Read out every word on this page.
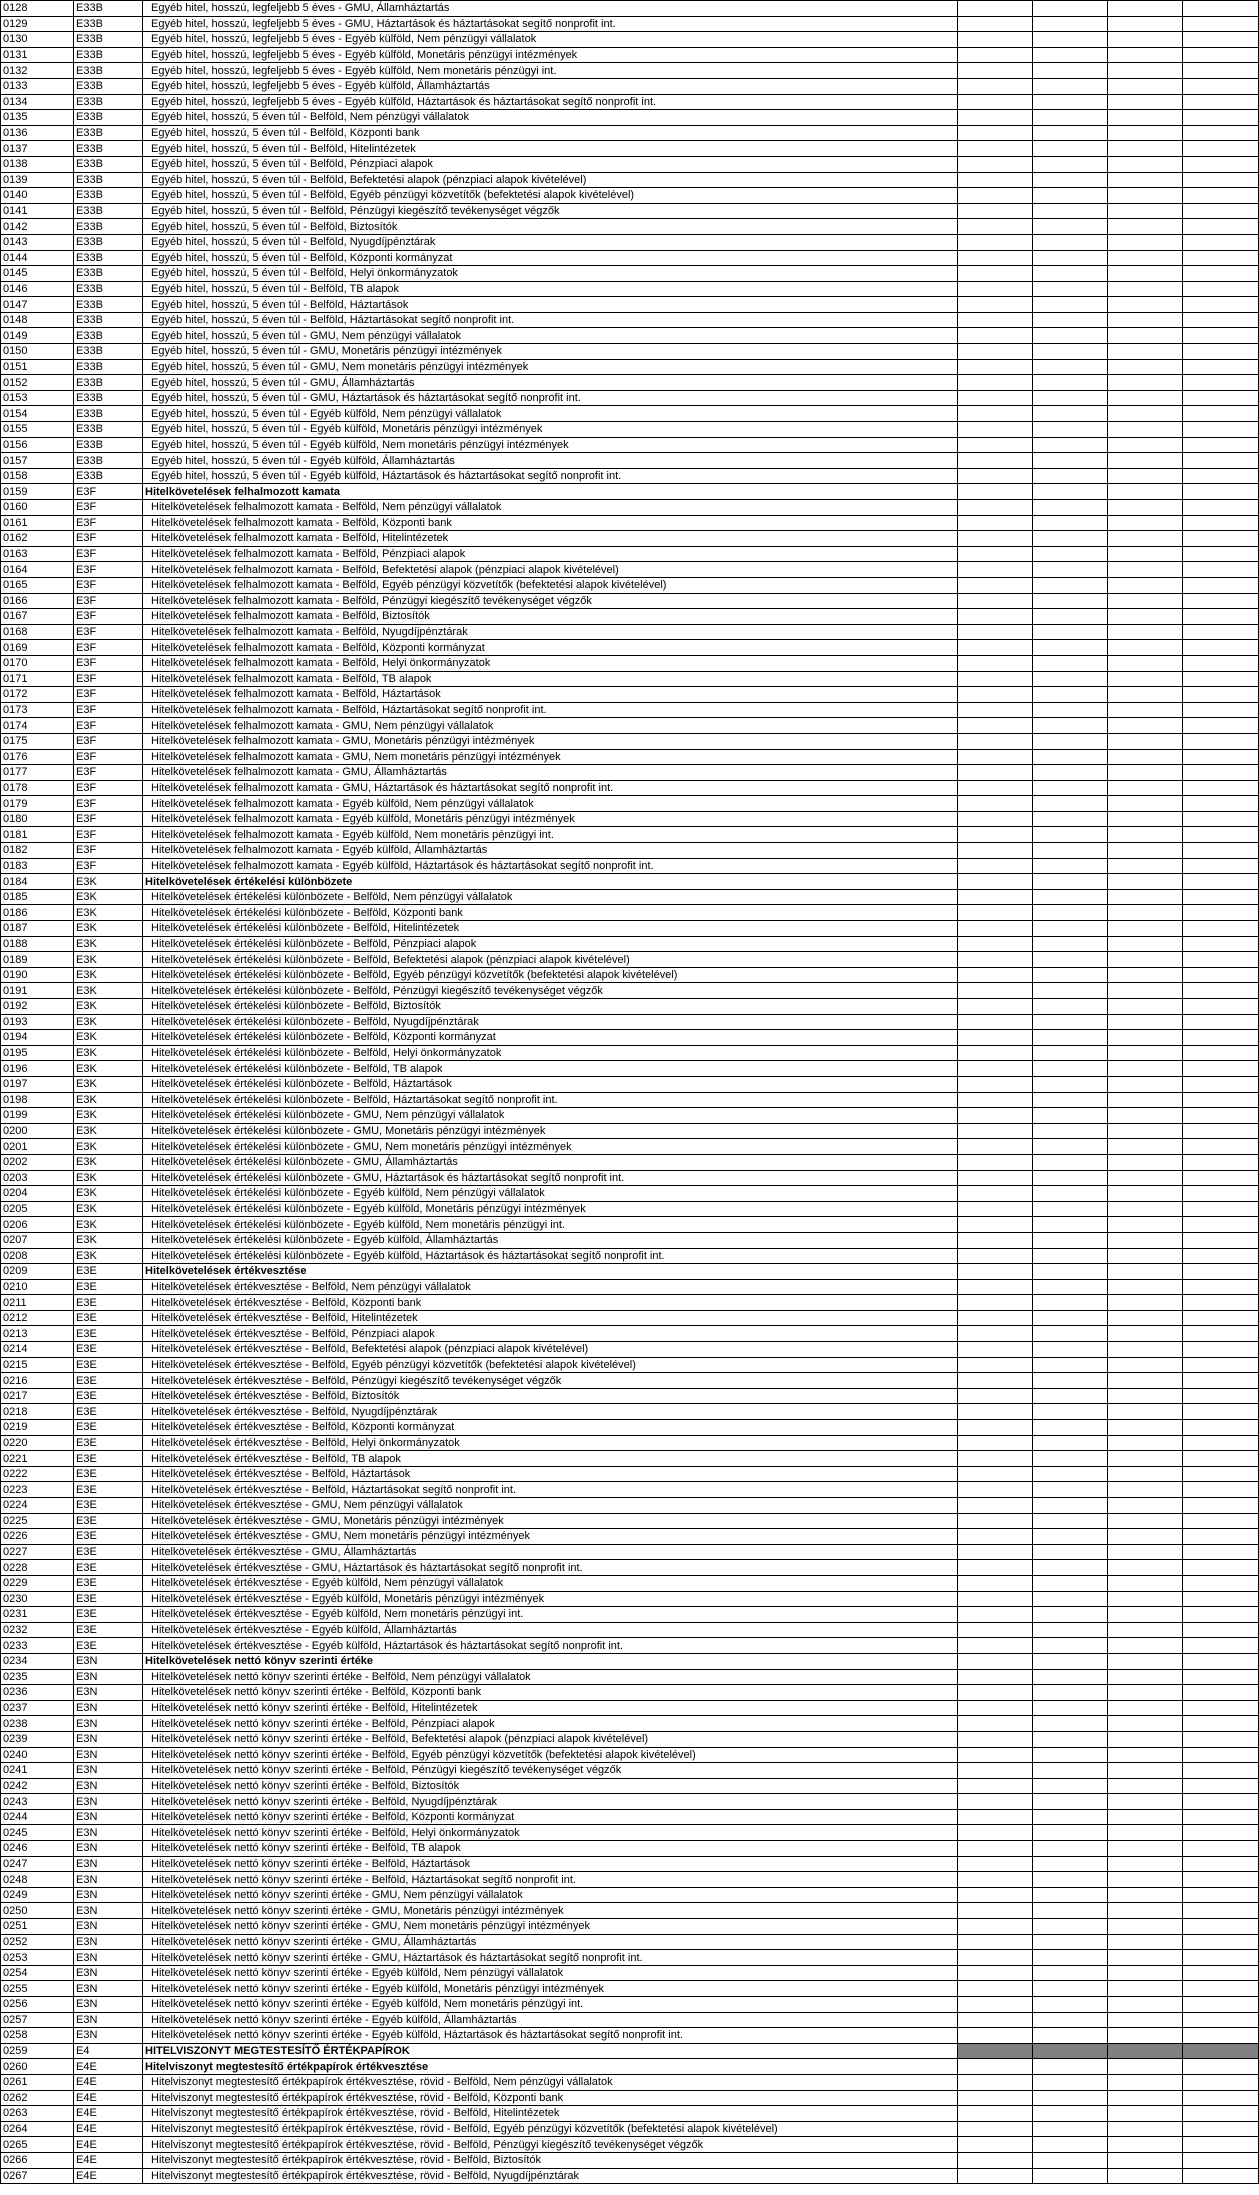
0128	E33B	Egyéb hitel, hosszú, legfeljebb 5 éves - GMU, Államháztartás				
0129	E33B	Egyéb hitel, hosszú, legfeljebb 5 éves - GMU, Háztartások és háztartásokat segítő nonprofit int.				
0130	E33B	Egyéb hitel, hosszú, legfeljebb 5 éves - Egyéb külföld, Nem pénzügyi vállalatok				
0131	E33B	Egyéb hitel, hosszú, legfeljebb 5 éves - Egyéb külföld, Monetáris pénzügyi intézmények				
0132	E33B	Egyéb hitel, hosszú, legfeljebb 5 éves - Egyéb külföld, Nem monetáris pénzügyi int.				
0133	E33B	Egyéb hitel, hosszú, legfeljebb 5 éves - Egyéb külföld, Államháztartás				
0134	E33B	Egyéb hitel, hosszú, legfeljebb 5 éves - Egyéb külföld, Háztartások és háztartásokat segítő nonprofit int.				
0135	E33B	Egyéb hitel, hosszú, 5 éven túl - Belföld, Nem pénzügyi vállalatok				
0136	E33B	Egyéb hitel, hosszú, 5 éven túl - Belföld, Központi bank				
0137	E33B	Egyéb hitel, hosszú, 5 éven túl - Belföld, Hitelintézetek				
0138	E33B	Egyéb hitel, hosszú, 5 éven túl - Belföld, Pénzpiaci alapok				
0139	E33B	Egyéb hitel, hosszú, 5 éven túl - Belföld, Befektetési alapok (pénzpiaci alapok kivételével)				
0140	E33B	Egyéb hitel, hosszú, 5 éven túl - Belföld, Egyéb pénzügyi közvetítők (befektetési alapok kivételével)				
0141	E33B	Egyéb hitel, hosszú, 5 éven túl - Belföld, Pénzügyi kiegészítő tevékenységet végzők				
0142	E33B	Egyéb hitel, hosszú, 5 éven túl - Belföld, Biztosítók				
0143	E33B	Egyéb hitel, hosszú, 5 éven túl - Belföld, Nyugdíjpénztárak				
0144	E33B	Egyéb hitel, hosszú, 5 éven túl - Belföld, Központi kormányzat				
0145	E33B	Egyéb hitel, hosszú, 5 éven túl - Belföld, Helyi önkormányzatok				
0146	E33B	Egyéb hitel, hosszú, 5 éven túl - Belföld, TB alapok				
0147	E33B	Egyéb hitel, hosszú, 5 éven túl - Belföld, Háztartások				
0148	E33B	Egyéb hitel, hosszú, 5 éven túl - Belföld, Háztartásokat segítő nonprofit int.				
0149	E33B	Egyéb hitel, hosszú, 5 éven túl - GMU, Nem pénzügyi vállalatok				
0150	E33B	Egyéb hitel, hosszú, 5 éven túl - GMU, Monetáris pénzügyi intézmények				
0151	E33B	Egyéb hitel, hosszú, 5 éven túl - GMU, Nem monetáris pénzügyi intézmények				
0152	E33B	Egyéb hitel, hosszú, 5 éven túl - GMU, Államháztartás				
0153	E33B	Egyéb hitel, hosszú, 5 éven túl - GMU, Háztartások és háztartásokat segítő nonprofit int.				
0154	E33B	Egyéb hitel, hosszú, 5 éven túl - Egyéb külföld, Nem pénzügyi vállalatok				
0155	E33B	Egyéb hitel, hosszú, 5 éven túl - Egyéb külföld, Monetáris pénzügyi intézmények				
0156	E33B	Egyéb hitel, hosszú, 5 éven túl - Egyéb külföld, Nem monetáris pénzügyi intézmények				
0157	E33B	Egyéb hitel, hosszú, 5 éven túl - Egyéb külföld, Államháztartás				
0158	E33B	Egyéb hitel, hosszú, 5 éven túl - Egyéb külföld, Háztartások és háztartásokat segítő nonprofit int.				
0159	E3F	Hitelkövetelések felhalmozott kamata				
0160	E3F	Hitelkövetelések felhalmozott kamata - Belföld, Nem pénzügyi vállalatok				
0161	E3F	Hitelkövetelések felhalmozott kamata - Belföld, Központi bank				
0162	E3F	Hitelkövetelések felhalmozott kamata - Belföld, Hitelintézetek				
0163	E3F	Hitelkövetelések felhalmozott kamata - Belföld, Pénzpiaci alapok				
0164	E3F	Hitelkövetelések felhalmozott kamata - Belföld, Befektetési alapok (pénzpiaci alapok kivételével)				
0165	E3F	Hitelkövetelések felhalmozott kamata - Belföld, Egyéb pénzügyi közvetítők (befektetési alapok kivételével)				
0166	E3F	Hitelkövetelések felhalmozott kamata - Belföld, Pénzügyi kiegészítő tevékenységet végzők				
0167	E3F	Hitelkövetelések felhalmozott kamata - Belföld, Biztosítók				
0168	E3F	Hitelkövetelések felhalmozott kamata - Belföld, Nyugdíjpénztárak				
0169	E3F	Hitelkövetelések felhalmozott kamata - Belföld, Központi kormányzat				
0170	E3F	Hitelkövetelések felhalmozott kamata - Belföld, Helyi önkormányzatok				
0171	E3F	Hitelkövetelések felhalmozott kamata - Belföld, TB alapok				
0172	E3F	Hitelkövetelések felhalmozott kamata - Belföld, Háztartások				
0173	E3F	Hitelkövetelések felhalmozott kamata - Belföld, Háztartásokat segítő nonprofit int.				
0174	E3F	Hitelkövetelések felhalmozott kamata - GMU, Nem pénzügyi vállalatok				
0175	E3F	Hitelkövetelések felhalmozott kamata - GMU, Monetáris pénzügyi intézmények				
0176	E3F	Hitelkövetelések felhalmozott kamata - GMU, Nem monetáris pénzügyi intézmények				
0177	E3F	Hitelkövetelések felhalmozott kamata - GMU, Államháztartás				
0178	E3F	Hitelkövetelések felhalmozott kamata - GMU, Háztartások és háztartásokat segítő nonprofit int.				
0179	E3F	Hitelkövetelések felhalmozott kamata - Egyéb külföld, Nem pénzügyi vállalatok				
0180	E3F	Hitelkövetelések felhalmozott kamata - Egyéb külföld, Monetáris pénzügyi intézmények				
0181	E3F	Hitelkövetelések felhalmozott kamata - Egyéb külföld, Nem monetáris pénzügyi int.				
0182	E3F	Hitelkövetelések felhalmozott kamata - Egyéb külföld, Államháztartás				
0183	E3F	Hitelkövetelések felhalmozott kamata - Egyéb külföld, Háztartások és háztartásokat segítő nonprofit int.				
0184	E3K	Hitelkövetelések értékelési különbözete				
0185	E3K	Hitelkövetelések értékelési különbözete - Belföld, Nem pénzügyi vállalatok				
0186	E3K	Hitelkövetelések értékelési különbözete - Belföld, Központi bank				
0187	E3K	Hitelkövetelések értékelési különbözete - Belföld, Hitelintézetek				
0188	E3K	Hitelkövetelések értékelési különbözete - Belföld, Pénzpiaci alapok				
0189	E3K	Hitelkövetelések értékelési különbözete - Belföld, Befektetési alapok (pénzpiaci alapok kivételével)				
0190	E3K	Hitelkövetelések értékelési különbözete - Belföld, Egyéb pénzügyi közvetítők (befektetési alapok kivételével)				
0191	E3K	Hitelkövetelések értékelési különbözete - Belföld, Pénzügyi kiegészítő tevékenységet végzők				
0192	E3K	Hitelkövetelések értékelési különbözete - Belföld, Biztosítók				
0193	E3K	Hitelkövetelések értékelési különbözete - Belföld, Nyugdíjpénztárak				
0194	E3K	Hitelkövetelések értékelési különbözete - Belföld, Központi kormányzat				
0195	E3K	Hitelkövetelések értékelési különbözete - Belföld, Helyi önkormányzatok				
0196	E3K	Hitelkövetelések értékelési különbözete - Belföld, TB alapok				
0197	E3K	Hitelkövetelések értékelési különbözete - Belföld, Háztartások				
0198	E3K	Hitelkövetelések értékelési különbözete - Belföld, Háztartásokat segítő nonprofit int.				
0199	E3K	Hitelkövetelések értékelési különbözete - GMU, Nem pénzügyi vállalatok				
0200	E3K	Hitelkövetelések értékelési különbözete - GMU, Monetáris pénzügyi intézmények				
0201	E3K	Hitelkövetelések értékelési különbözete - GMU, Nem monetáris pénzügyi intézmények				
0202	E3K	Hitelkövetelések értékelési különbözete - GMU, Államháztartás				
0203	E3K	Hitelkövetelések értékelési különbözete - GMU, Háztartások és háztartásokat segítő nonprofit int.				
0204	E3K	Hitelkövetelések értékelési különbözete - Egyéb külföld, Nem pénzügyi vállalatok				
0205	E3K	Hitelkövetelések értékelési különbözete - Egyéb külföld, Monetáris pénzügyi intézmények				
0206	E3K	Hitelkövetelések értékelési különbözete - Egyéb külföld, Nem monetáris pénzügyi int.				
0207	E3K	Hitelkövetelések értékelési különbözete - Egyéb külföld, Államháztartás				
0208	E3K	Hitelkövetelések értékelési különbözete - Egyéb külföld, Háztartások és háztartásokat segítő nonprofit int.				
0209	E3E	Hitelkövetelések értékvesztése				
0210	E3E	Hitelkövetelések értékvesztése - Belföld, Nem pénzügyi vállalatok				
0211	E3E	Hitelkövetelések értékvesztése - Belföld, Központi bank				
0212	E3E	Hitelkövetelések értékvesztése - Belföld, Hitelintézetek				
0213	E3E	Hitelkövetelések értékvesztése - Belföld, Pénzpiaci alapok				
0214	E3E	Hitelkövetelések értékvesztése - Belföld, Befektetési alapok (pénzpiaci alapok kivételével)				
0215	E3E	Hitelkövetelések értékvesztése - Belföld, Egyéb pénzügyi közvetítők (befektetési alapok kivételével)				
0216	E3E	Hitelkövetelések értékvesztése - Belföld, Pénzügyi kiegészítő tevékenységet végzők				
0217	E3E	Hitelkövetelések értékvesztése - Belföld, Biztosítók				
0218	E3E	Hitelkövetelések értékvesztése - Belföld, Nyugdíjpénztárak				
0219	E3E	Hitelkövetelések értékvesztése - Belföld, Központi kormányzat				
0220	E3E	Hitelkövetelések értékvesztése - Belföld, Helyi önkormányzatok				
0221	E3E	Hitelkövetelések értékvesztése - Belföld, TB alapok				
0222	E3E	Hitelkövetelések értékvesztése - Belföld, Háztartások				
0223	E3E	Hitelkövetelések értékvesztése - Belföld, Háztartásokat segítő nonprofit int.				
0224	E3E	Hitelkövetelések értékvesztése - GMU, Nem pénzügyi vállalatok				
0225	E3E	Hitelkövetelések értékvesztése - GMU, Monetáris pénzügyi intézmények				
0226	E3E	Hitelkövetelések értékvesztése - GMU, Nem monetáris pénzügyi intézmények				
0227	E3E	Hitelkövetelések értékvesztése - GMU, Államháztartás				
0228	E3E	Hitelkövetelések értékvesztése - GMU, Háztartások és háztartásokat segítő nonprofit int.				
0229	E3E	Hitelkövetelések értékvesztése - Egyéb külföld, Nem pénzügyi vállalatok				
0230	E3E	Hitelkövetelések értékvesztése - Egyéb külföld, Monetáris pénzügyi intézmények				
0231	E3E	Hitelkövetelések értékvesztése - Egyéb külföld, Nem monetáris pénzügyi int.				
0232	E3E	Hitelkövetelések értékvesztése - Egyéb külföld, Államháztartás				
0233	E3E	Hitelkövetelések értékvesztése - Egyéb külföld, Háztartások és háztartásokat segítő nonprofit int.				
0234	E3N	Hitelkövetelések nettó könyv szerinti értéke				
0235	E3N	Hitelkövetelések nettó könyv szerinti értéke - Belföld, Nem pénzügyi vállalatok				
0236	E3N	Hitelkövetelések nettó könyv szerinti értéke - Belföld, Központi bank				
0237	E3N	Hitelkövetelések nettó könyv szerinti értéke - Belföld, Hitelintézetek				
0238	E3N	Hitelkövetelések nettó könyv szerinti értéke - Belföld, Pénzpiaci alapok				
0239	E3N	Hitelkövetelések nettó könyv szerinti értéke - Belföld, Befektetési alapok (pénzpiaci alapok kivételével)				
0240	E3N	Hitelkövetelések nettó könyv szerinti értéke - Belföld, Egyéb pénzügyi közvetítők (befektetési alapok kivételével)				
0241	E3N	Hitelkövetelések nettó könyv szerinti értéke - Belföld, Pénzügyi kiegészítő tevékenységet végzők				
0242	E3N	Hitelkövetelések nettó könyv szerinti értéke - Belföld, Biztosítók				
0243	E3N	Hitelkövetelések nettó könyv szerinti értéke - Belföld, Nyugdíjpénztárak				
0244	E3N	Hitelkövetelések nettó könyv szerinti értéke - Belföld, Központi kormányzat				
0245	E3N	Hitelkövetelések nettó könyv szerinti értéke - Belföld, Helyi önkormányzatok				
0246	E3N	Hitelkövetelések nettó könyv szerinti értéke - Belföld, TB alapok				
0247	E3N	Hitelkövetelések nettó könyv szerinti értéke - Belföld, Háztartások				
0248	E3N	Hitelkövetelések nettó könyv szerinti értéke - Belföld, Háztartásokat segítő nonprofit int.				
0249	E3N	Hitelkövetelések nettó könyv szerinti értéke - GMU, Nem pénzügyi vállalatok				
0250	E3N	Hitelkövetelések nettó könyv szerinti értéke - GMU, Monetáris pénzügyi intézmények				
0251	E3N	Hitelkövetelések nettó könyv szerinti értéke - GMU, Nem monetáris pénzügyi intézmények				
0252	E3N	Hitelkövetelések nettó könyv szerinti értéke - GMU, Államháztartás				
0253	E3N	Hitelkövetelések nettó könyv szerinti értéke - GMU, Háztartások és háztartásokat segítő nonprofit int.				
0254	E3N	Hitelkövetelések nettó könyv szerinti értéke - Egyéb külföld, Nem pénzügyi vállalatok				
0255	E3N	Hitelkövetelések nettó könyv szerinti értéke - Egyéb külföld, Monetáris pénzügyi intézmények				
0256	E3N	Hitelkövetelések nettó könyv szerinti értéke - Egyéb külföld, Nem monetáris pénzügyi int.				
0257	E3N	Hitelkövetelések nettó könyv szerinti értéke - Egyéb külföld, Államháztartás				
0258	E3N	Hitelkövetelések nettó könyv szerinti értéke - Egyéb külföld, Háztartások és háztartásokat segítő nonprofit int.				
0259	E4	HITELVISZONYT MEGTESTESÍTŐ ÉRTÉKPAPÍROK				
0260	E4E	Hitelviszonyt megtestesítő értékpapírok értékvesztése				
0261	E4E	Hitelviszonyt megtestesítő értékpapírok értékvesztése, rövid - Belföld, Nem pénzügyi vállalatok				
0262	E4E	Hitelviszonyt megtestesítő értékpapírok értékvesztése, rövid - Belföld, Központi bank				
0263	E4E	Hitelviszonyt megtestesítő értékpapírok értékvesztése, rövid - Belföld, Hitelintézetek				
0264	E4E	Hitelviszonyt megtestesítő értékpapírok értékvesztése, rövid - Belföld, Egyéb pénzügyi közvetítők (befektetési alapok kivételével)				
0265	E4E	Hitelviszonyt megtestesítő értékpapírok értékvesztése, rövid - Belföld, Pénzügyi kiegészítő tevékenységet végzők				
0266	E4E	Hitelviszonyt megtestesítő értékpapírok értékvesztése, rövid - Belföld, Biztosítók				
0267	E4E	Hitelviszonyt megtestesítő értékpapírok értékvesztése, rövid - Belföld, Nyugdíjpénztárak				
